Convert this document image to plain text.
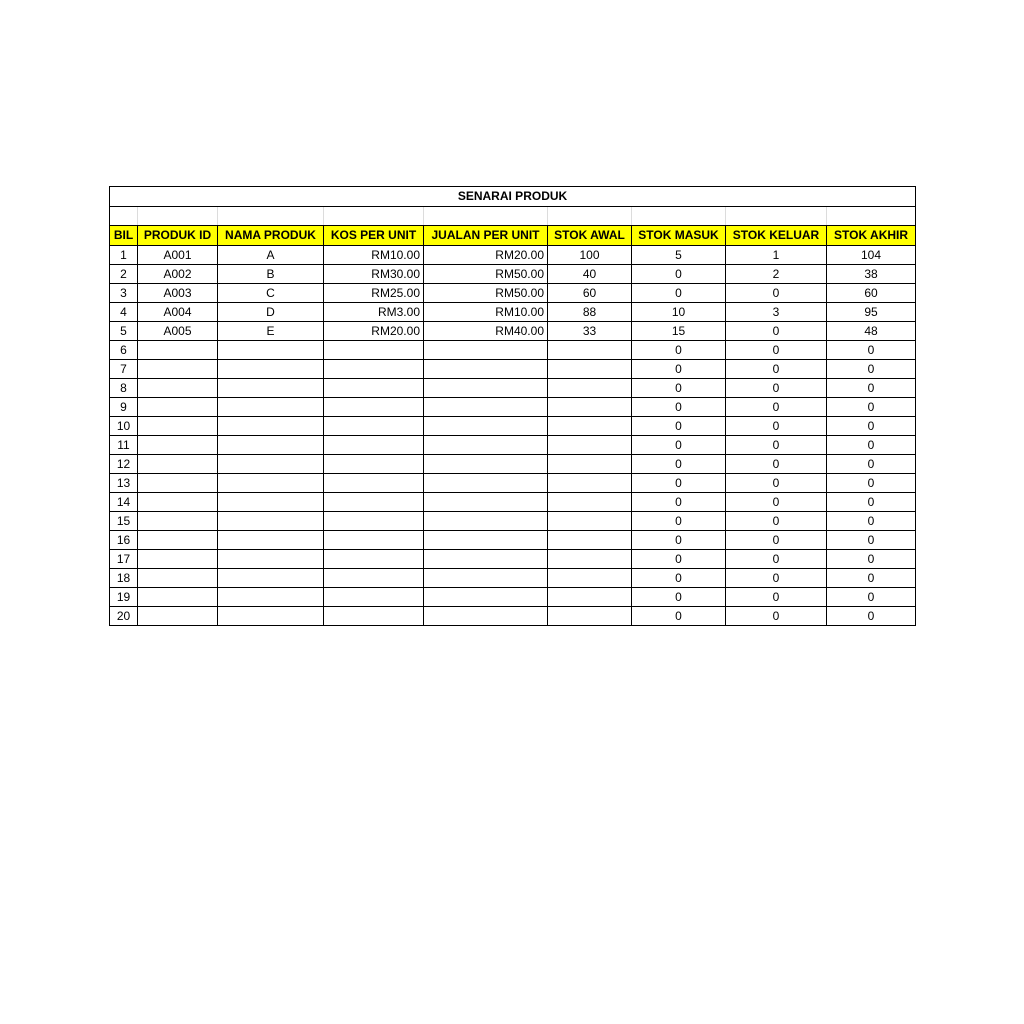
SENARAI PRODUK								

BIL	PRODUK ID	NAMA PRODUK	KOS PER UNIT	JUALAN PER UNIT	STOK AWAL	STOK MASUK	STOK KELUAR	STOK AKHIR
1	A001	A	RM10.00	RM20.00	100	5	1	104
2	A002	B	RM30.00	RM50.00	40	0	2	38
3	A003	C	RM25.00	RM50.00	60	0	0	60
4	A004	D	RM3.00	RM10.00	88	10	3	95
5	A005	E	RM20.00	RM40.00	33	15	0	48
6						0	0	0
7						0	0	0
8						0	0	0
9						0	0	0
10						0	0	0
11						0	0	0
12						0	0	0
13						0	0	0
14						0	0	0
15						0	0	0
16						0	0	0
17						0	0	0
18						0	0	0
19						0	0	0
20						0	0	0
